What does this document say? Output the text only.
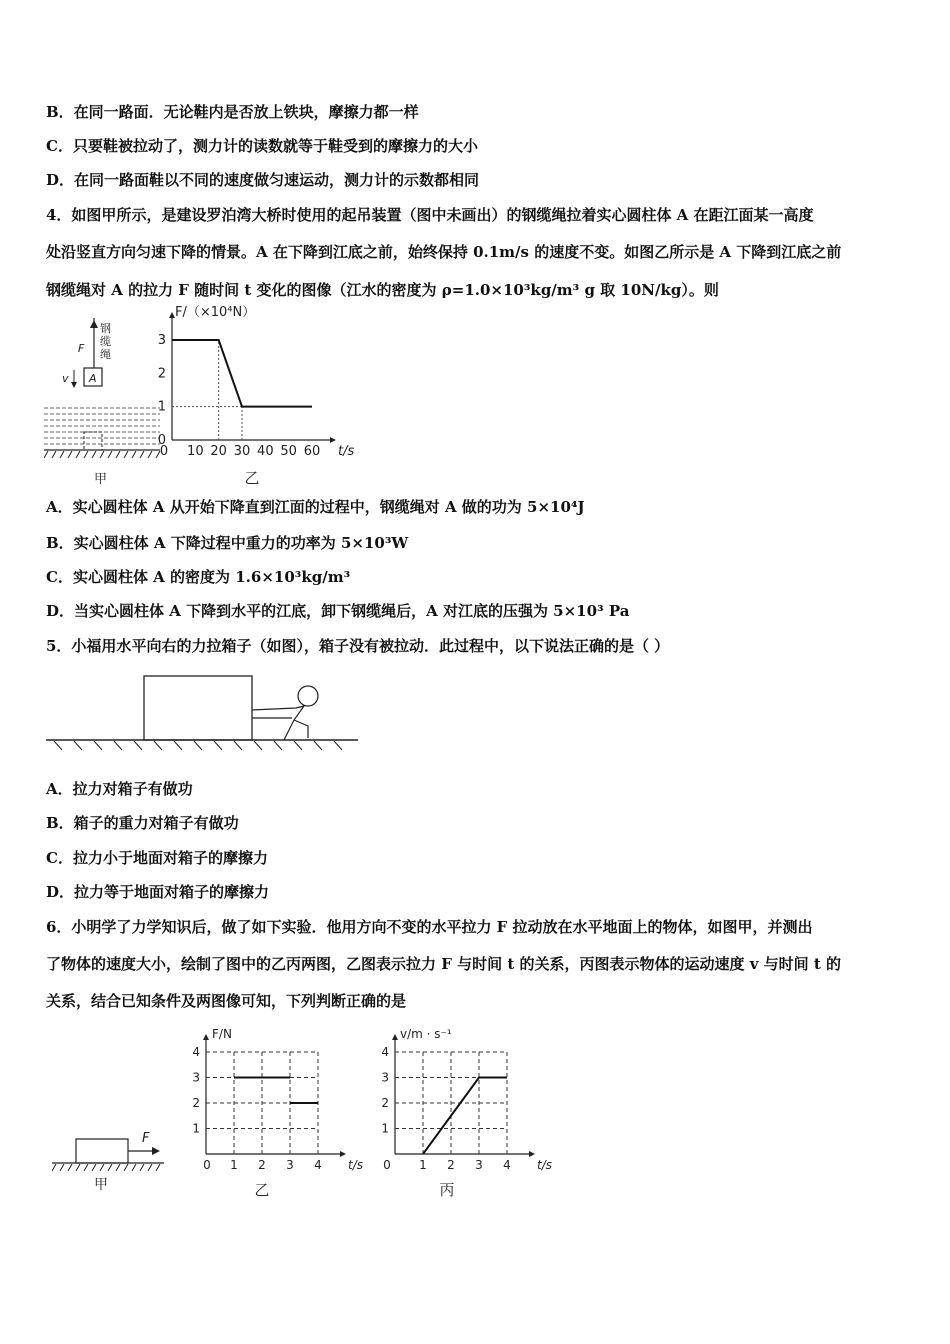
B．在同一路面．无论鞋内是否放上铁块，摩擦力都一样
C．只要鞋被拉动了，测力计的读数就等于鞋受到的摩擦力的大小
D．在同一路面鞋以不同的速度做匀速运动，测力计的示数都相同
4．如图甲所示，是建设罗泊湾大桥时使用的起吊装置（图中未画出）的钢缆绳拉着实心圆柱体 A 在距江面某一高度
处沿竖直方向匀速下降的情景。A 在下降到江底之前，始终保持 0.1m/s 的速度不变。如图乙所示是 A 下降到江底之前
钢缆绳对 A 的拉力 F 随时间 t 变化的图像（江水的密度为 ρ=1.0×10³kg/m³ g 取 10N/kg）。则
钢缆绳
F
A
v
甲
10 20 30 40 50 60
0
1
2
3
0	t/s
F/（×10⁴N）
乙
A．实心圆柱体 A 从开始下降直到江面的过程中，钢缆绳对 A 做的功为 5×10⁴J
B．实心圆柱体 A 下降过程中重力的功率为 5×10³W
C．实心圆柱体 A 的密度为 1.6×10³kg/m³
D．当实心圆柱体 A 下降到水平的江底，卸下钢缆绳后，A 对江底的压强为 5×10³ Pa
5．小福用水平向右的力拉箱子（如图），箱子没有被拉动．此过程中，以下说法正确的是（ ）
A．拉力对箱子有做功
B．箱子的重力对箱子有做功
C．拉力小于地面对箱子的摩擦力
D．拉力等于地面对箱子的摩擦力
6．小明学了力学知识后，做了如下实验．他用方向不变的水平拉力 F 拉动放在水平地面上的物体，如图甲，并测出
了物体的速度大小，绘制了图中的乙丙两图，乙图表示拉力 F 与时间 t 的关系，丙图表示物体的运动速度 v 与时间 t 的
关系，结合已知条件及两图像可知，下列判断正确的是
F
甲
1 2 3 4
1
2
3
4
0	t/s
F/N
乙
1 2 3 4
1
2
3
4
0	t/s
v/m · s⁻¹
丙
